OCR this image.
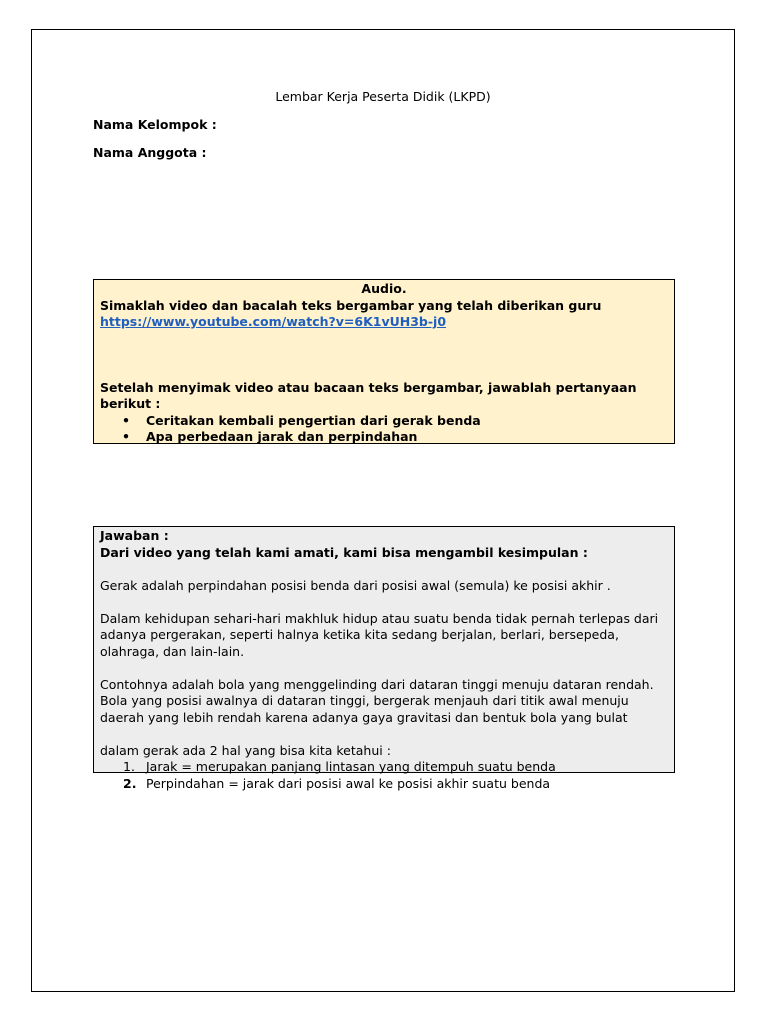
Lembar Kerja Peserta Didik (LKPD)
Nama Kelompok :
Nama Anggota :
Audio.
Simaklah video dan bacalah teks bergambar yang telah diberikan guru
https://www.youtube.com/watch?v=6K1vUH3b-j0
Setelah menyimak video atau bacaan teks bergambar, jawablah pertanyaan berikut :
• Ceritakan kembali pengertian dari gerak benda
• Apa perbedaan jarak dan perpindahan
Jawaban :
Dari video yang telah kami amati, kami bisa mengambil kesimpulan :

Gerak adalah perpindahan posisi benda dari posisi awal (semula) ke posisi akhir .

Dalam kehidupan sehari-hari makhluk hidup atau suatu benda tidak pernah terlepas dari adanya pergerakan, seperti halnya ketika kita sedang berjalan, berlari, bersepeda, olahraga, dan lain-lain.

Contohnya adalah bola yang menggelinding dari dataran tinggi menuju dataran rendah. Bola yang posisi awalnya di dataran tinggi, bergerak menjauh dari titik awal menuju daerah yang lebih rendah karena adanya gaya gravitasi dan bentuk bola yang bulat

dalam gerak ada 2 hal yang bisa kita ketahui :

1. Jarak = merupakan panjang lintasan yang ditempuh suatu benda
2. Perpindahan = jarak dari posisi awal ke posisi akhir suatu benda
